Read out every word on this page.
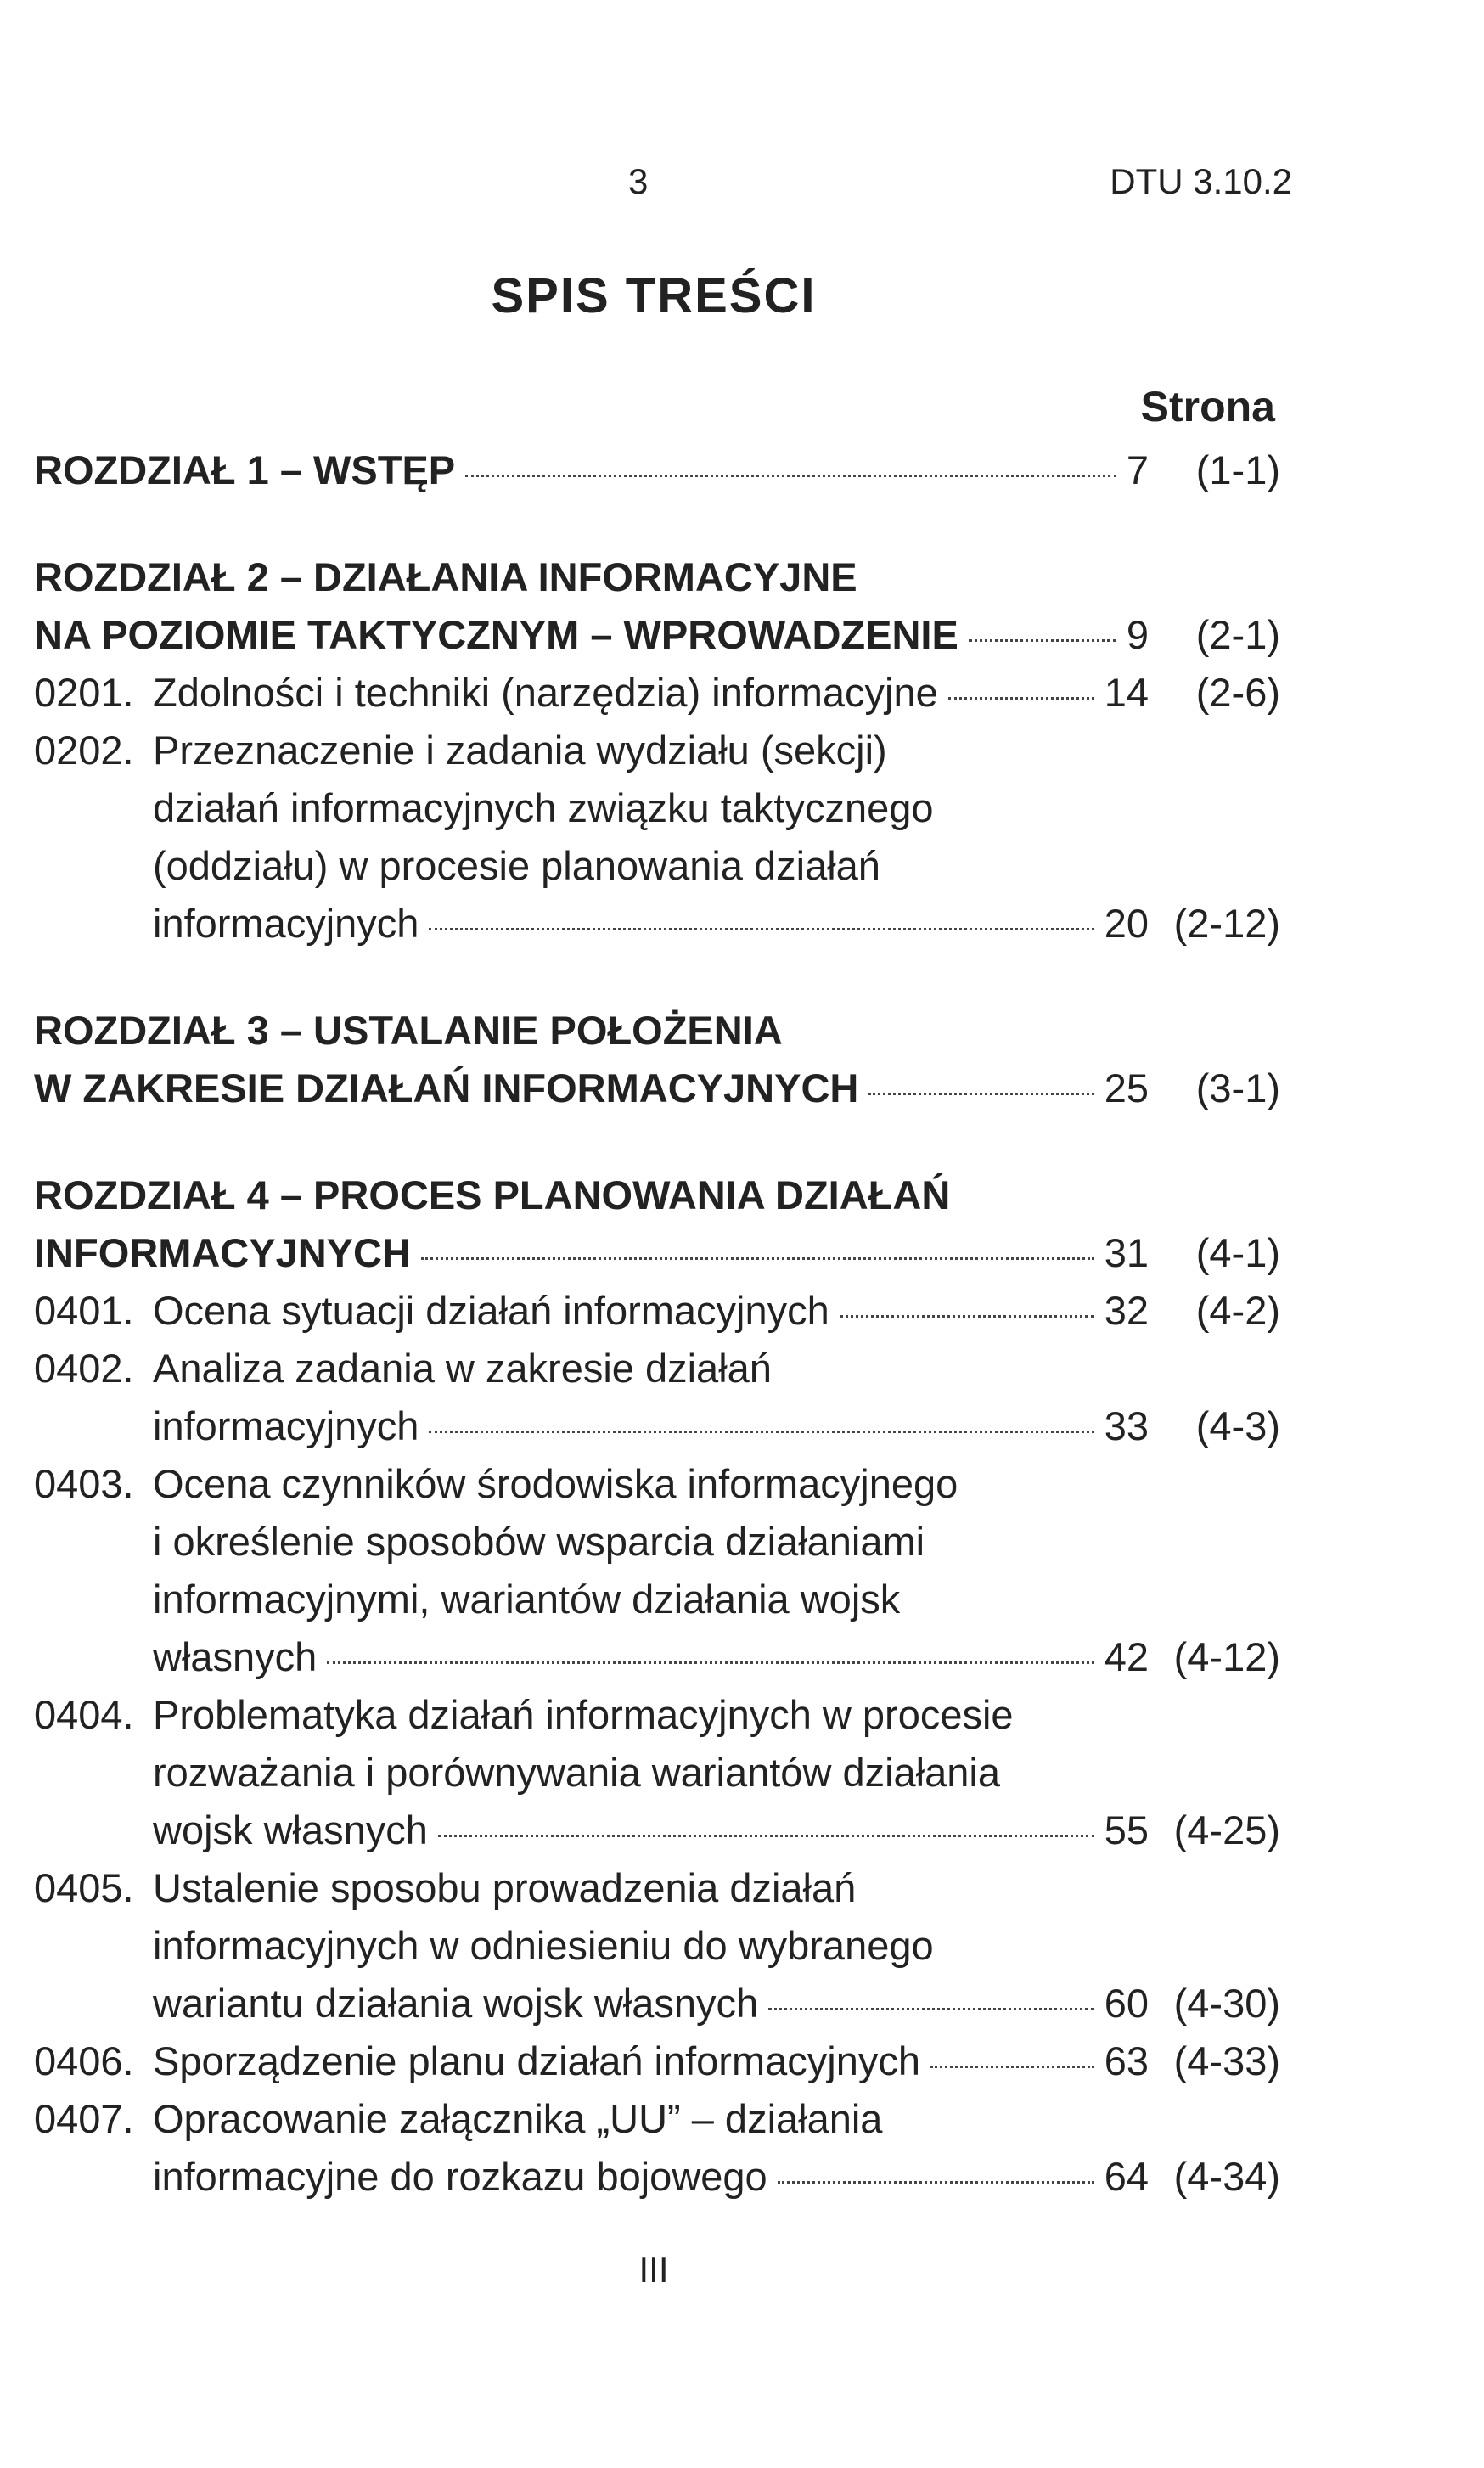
3	DTU 3.10.2
SPIS TREŚCI
Strona
ROZDZIAŁ 1 – WSTĘP	7	(1-1)
ROZDZIAŁ 2 – DZIAŁANIA INFORMACYJNE
NA POZIOMIE TAKTYCZNYM – WPROWADZENIE	9	(2-1)
0201. Zdolności i techniki (narzędzia) informacyjne	14	(2-6)
0202. Przeznaczenie i zadania wydziału (sekcji)
działań informacyjnych związku taktycznego
(oddziału) w procesie planowania działań
informacyjnych	20 (2-12)
ROZDZIAŁ 3 – USTALANIE POŁOŻENIA
W ZAKRESIE DZIAŁAŃ INFORMACYJNYCH	25	(3-1)
ROZDZIAŁ 4 – PROCES PLANOWANIA DZIAŁAŃ
INFORMACYJNYCH	31	(4-1)
0401. Ocena sytuacji działań informacyjnych	32	(4-2)
0402. Analiza zadania w zakresie działań
informacyjnych	33	(4-3)
0403. Ocena czynników środowiska informacyjnego
i określenie sposobów wsparcia działaniami
informacyjnymi, wariantów działania wojsk
własnych	42 (4-12)
0404. Problematyka działań informacyjnych w procesie
rozważania i porównywania wariantów działania
wojsk własnych	55 (4-25)
0405. Ustalenie sposobu prowadzenia działań
informacyjnych w odniesieniu do wybranego
wariantu działania wojsk własnych	60 (4-30)
0406. Sporządzenie planu działań informacyjnych	63 (4-33)
0407. Opracowanie załącznika „UU” – działania
informacyjne do rozkazu bojowego	64 (4-34)
III
